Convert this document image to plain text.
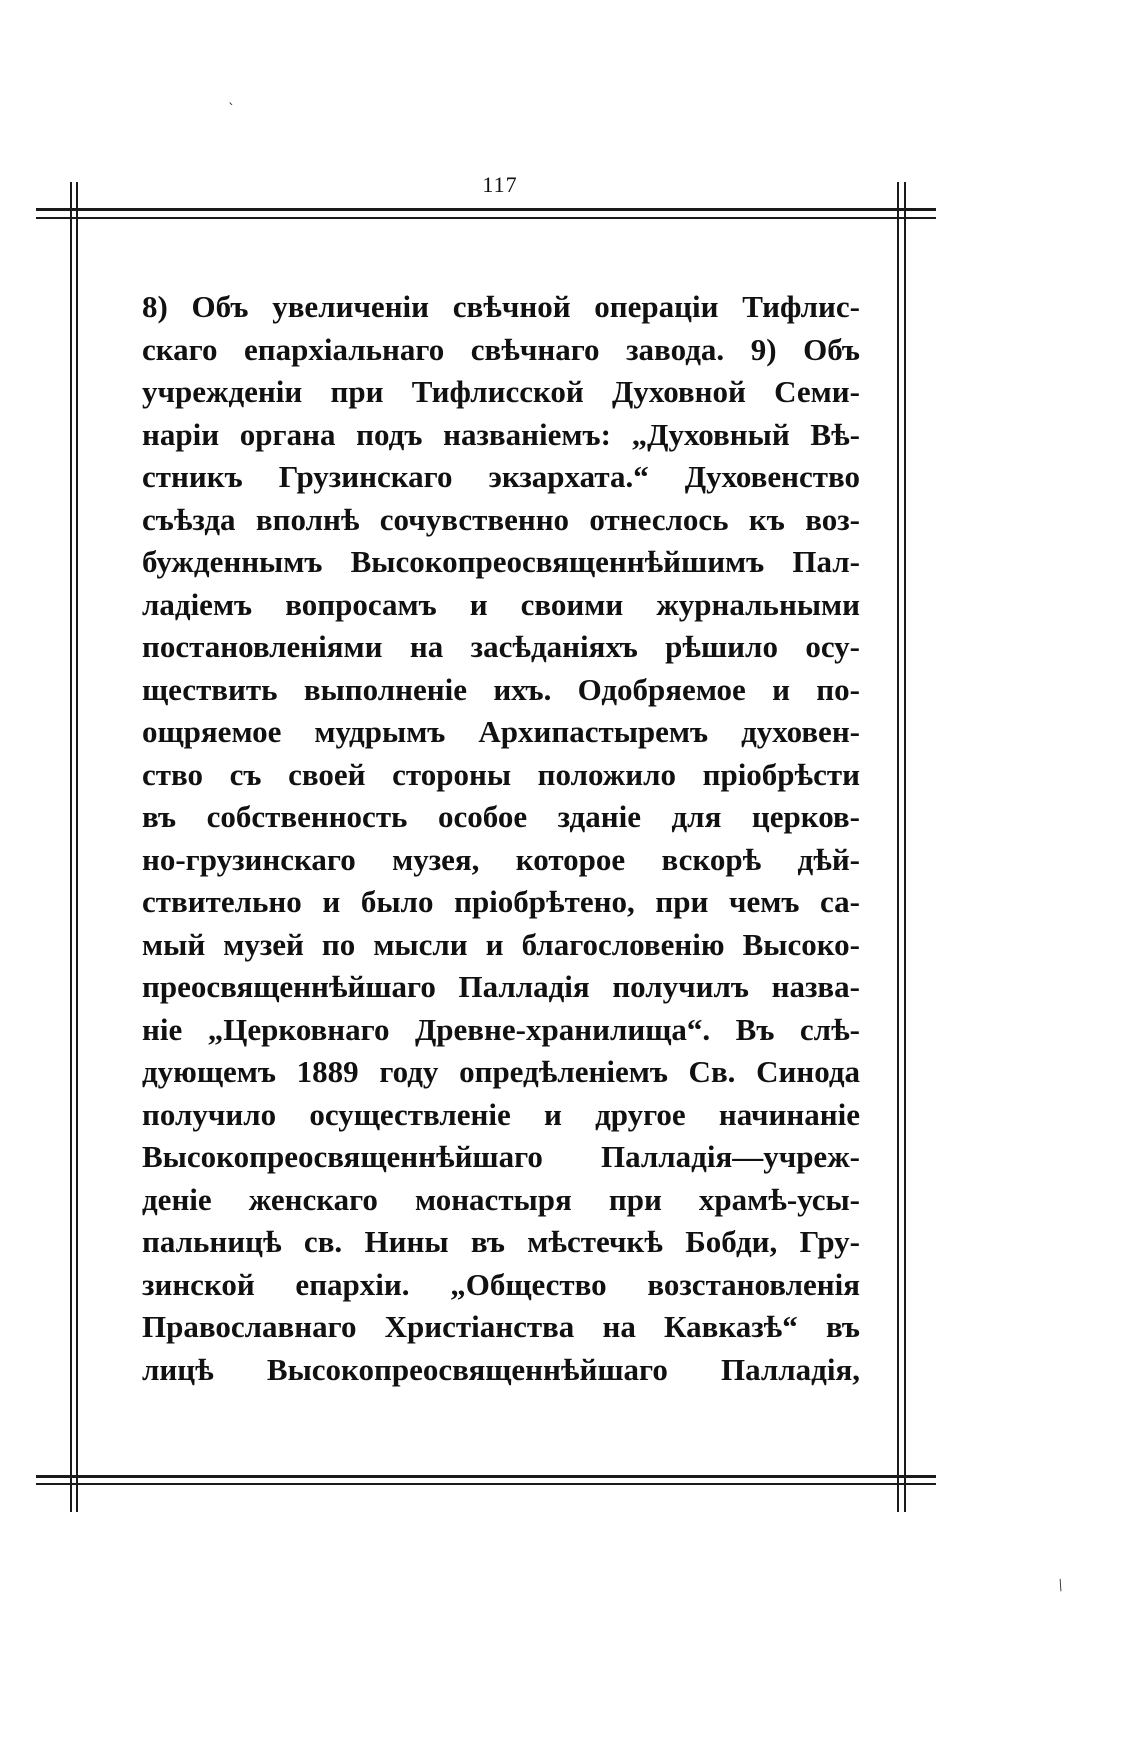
117
8) Объ увеличеніи свѣчной операціи Тифлис-
скаго епархіальнаго свѣчнаго завода. 9) Объ
учрежденіи при Тифлисской Духовной Семи-
наріи органа подъ названіемъ: „Духовный Вѣ-
стникъ Грузинскаго экзархата.“ Духовенство
съѣзда вполнѣ сочувственно отнеслось къ воз-
бужденнымъ Высокопреосвященнѣйшимъ Пал-
ладіемъ вопросамъ и своими журнальными
постановленіями на засѣданіяхъ рѣшило осу-
ществить выполненіе ихъ. Одобряемое и по-
ощряемое мудрымъ Архипастыремъ духовен-
ство съ своей стороны положило пріобрѣсти
въ собственность особое зданіе для церков-
но-грузинскаго музея, которое вскорѣ дѣй-
ствительно и было пріобрѣтено, при чемъ са-
мый музей по мысли и благословенію Высоко-
преосвященнѣйшаго Палладія получилъ назва-
ніе „Церковнаго Древне-хранилища“. Въ слѣ-
дующемъ 1889 году опредѣленіемъ Св. Синода
получило осуществленіе и другое начинаніе
Высокопреосвященнѣйшаго Палладія—учреж-
деніе женскаго монастыря при храмѣ-усы-
пальницѣ св. Нины въ мѣстечкѣ Бобди, Гру-
зинской епархіи. „Общество возстановленія
Православнаго Христіанства на Кавказѣ“ въ
лицѣ Высокопреосвященнѣйшаго Палладія,
ˋ
⁄
